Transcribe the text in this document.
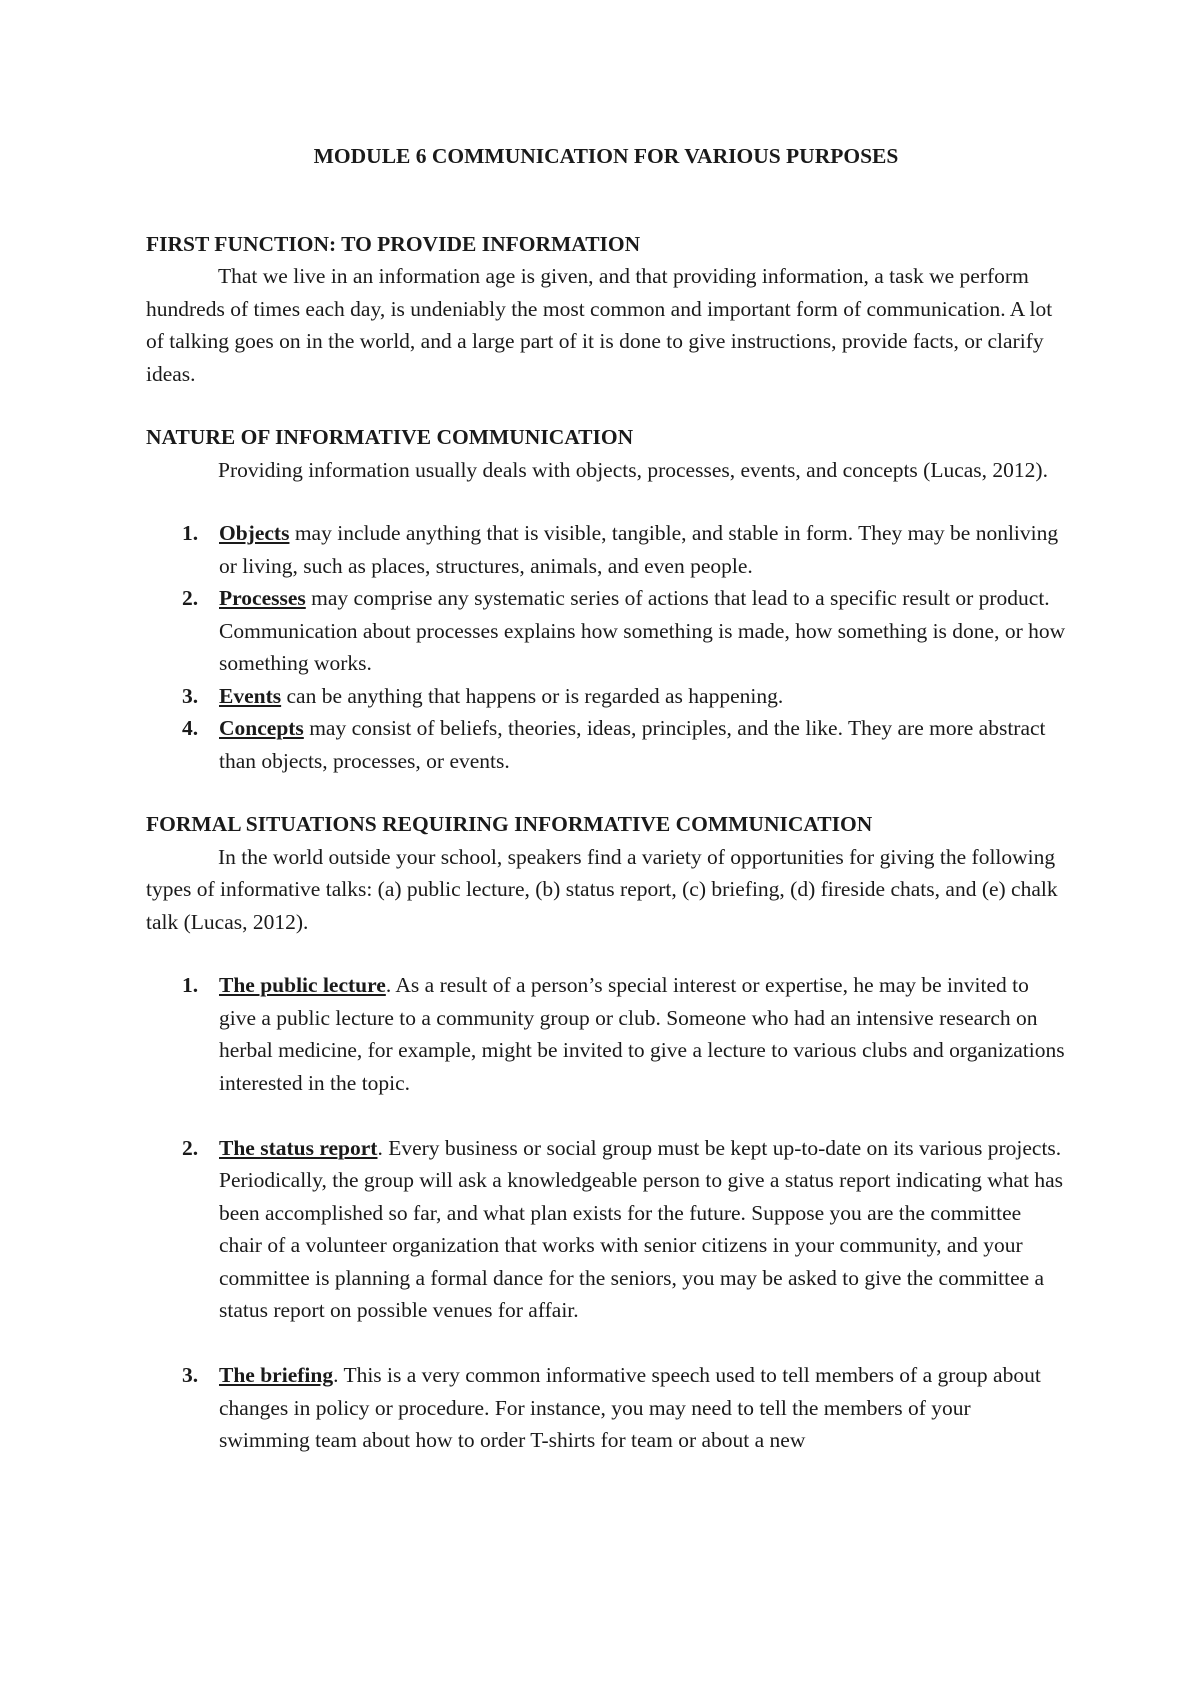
MODULE 6 COMMUNICATION FOR VARIOUS PURPOSES

FIRST FUNCTION: TO PROVIDE INFORMATION

That we live in an information age is given, and that providing information, a task we perform hundreds of times each day, is undeniably the most common and important form of communication. A lot of talking goes on in the world, and a large part of it is done to give instructions, provide facts, or clarify ideas.

NATURE OF INFORMATIVE COMMUNICATION

Providing information usually deals with objects, processes, events, and concepts (Lucas, 2012).

1. Objects may include anything that is visible, tangible, and stable in form. They may be nonliving or living, such as places, structures, animals, and even people.
2. Processes may comprise any systematic series of actions that lead to a specific result or product. Communication about processes explains how something is made, how something is done, or how something works.
3. Events can be anything that happens or is regarded as happening.
4. Concepts may consist of beliefs, theories, ideas, principles, and the like. They are more abstract than objects, processes, or events.

FORMAL SITUATIONS REQUIRING INFORMATIVE COMMUNICATION

In the world outside your school, speakers find a variety of opportunities for giving the following types of informative talks: (a) public lecture, (b) status report, (c) briefing, (d) fireside chats, and (e) chalk talk (Lucas, 2012).

1. The public lecture. As a result of a person’s special interest or expertise, he may be invited to give a public lecture to a community group or club. Someone who had an intensive research on herbal medicine, for example, might be invited to give a lecture to various clubs and organizations interested in the topic.
2. The status report. Every business or social group must be kept up-to-date on its various projects. Periodically, the group will ask a knowledgeable person to give a status report indicating what has been accomplished so far, and what plan exists for the future. Suppose you are the committee chair of a volunteer organization that works with senior citizens in your community, and your committee is planning a formal dance for the seniors, you may be asked to give the committee a status report on possible venues for affair.
3. The briefing. This is a very common informative speech used to tell members of a group about changes in policy or procedure. For instance, you may need to tell the members of your swimming team about how to order T-shirts for team or about a new
